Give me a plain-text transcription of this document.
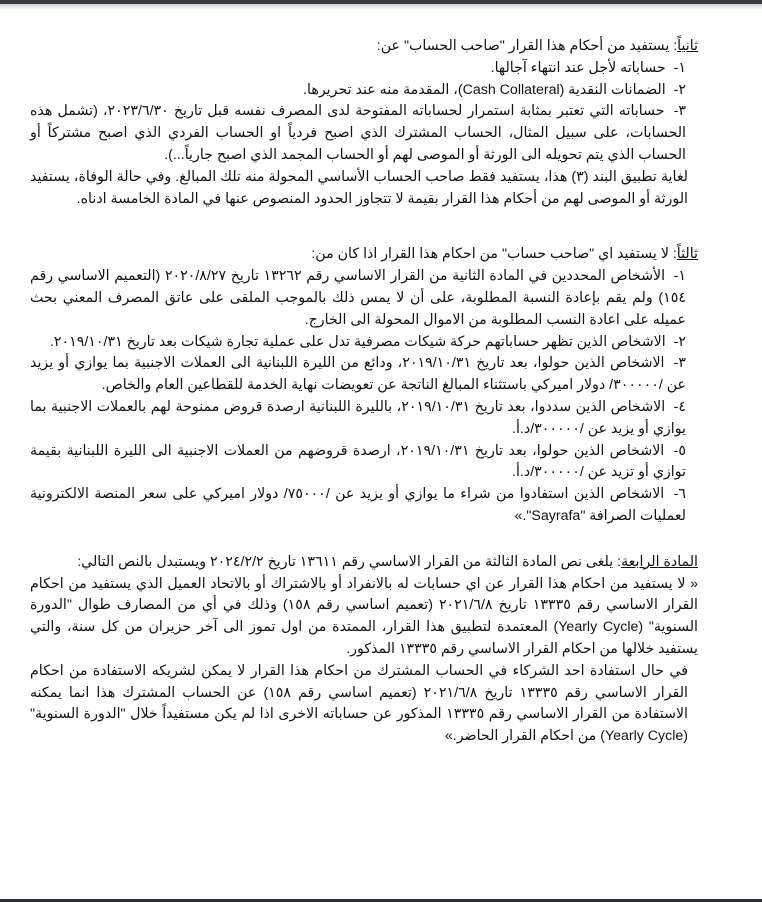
ثانياً: يستفيد من أحكام هذا القرار "صاحب الحساب" عن:

١- حساباته لأجل عند انتهاء آجالها.

٢- الضمانات النقدية (Cash Collateral)، المقدمة منه عند تحريرها.

٣- حساباته التي تعتبر بمثابة استمرار لحساباته المفتوحة لدى المصرف نفسه قبل تاريخ ٢٠٢٣/٦/٣٠، (تشمل هذه الحسابات، على سبيل المثال، الحساب المشترك الذي اصبح فردياً او الحساب الفردي الذي اصبح مشتركاً أو الحساب الذي يتم تحويله الى الورثة أو الموصى لهم أو الحساب المجمد الذي اصبح جارياً...).

لغاية تطبيق البند (٣) هذا، يستفيد فقط صاحب الحساب الأساسي المحولة منه تلك المبالغ. وفي حالة الوفاة، يستفيد الورثة أو الموصى لهم من أحكام هذا القرار بقيمة لا تتجاوز الحدود المنصوص عنها في المادة الخامسة ادناه.

ثالثاً: لا يستفيد اي "صاحب حساب" من احكام هذا القرار اذا كان من:

١- الأشخاص المحددين في المادة الثانية من القرار الاساسي رقم ١٣٢٦٢ تاريخ ٢٠٢٠/٨/٢٧ (التعميم الاساسي رقم ١٥٤) ولم يقم بإعادة النسبة المطلوبة، على أن لا يمس ذلك بالموجب الملقى على عاتق المصرف المعني بحث عميله على اعادة النسب المطلوبة من الاموال المحولة الى الخارج.

٢- الاشخاص الذين تظهر حساباتهم حركة شيكات مصرفية تدل على عملية تجارة شيكات بعد تاريخ ٢٠١٩/١٠/٣١.

٣- الاشخاص الذين حولوا، بعد تاريخ ٢٠١٩/١٠/٣١، ودائع من الليرة اللبنانية الى العملات الاجنبية بما يوازي أو يزيد عن /٣٠٠٠٠٠/ دولار اميركي باستثناء المبالغ الناتجة عن تعويضات نهاية الخدمة للقطاعين العام والخاص.

٤- الاشخاص الذين سددوا، بعد تاريخ ٢٠١٩/١٠/٣١، بالليرة اللبنانية ارصدة قروض ممنوحة لهم بالعملات الاجنبية بما يوازي أو يزيد عن /٣٠٠٠٠٠/د.أ.

٥- الاشخاص الذين حولوا، بعد تاريخ ٢٠١٩/١٠/٣١، ارصدة قروضهم من العملات الاجنبية الى الليرة اللبنانية بقيمة توازي أو تزيد عن /٣٠٠٠٠٠/د.أ.

٦- الاشخاص الذين استفادوا من شراء ما يوازي أو يزيد عن /٧٥٠٠٠/ دولار اميركي على سعر المنصة الالكترونية لعمليات الصرافة "Sayrafa".»

المادة الرابعة: يلغى نص المادة الثالثة من القرار الاساسي رقم ١٣٦١١ تاريخ ٢٠٢٤/٢/٢ ويستبدل بالنص التالي:

« لا يستفيد من احكام هذا القرار عن اي حسابات له بالانفراد أو بالاشتراك أو بالاتحاد العميل الذي يستفيد من احكام القرار الاساسي رقم ١٣٣٣٥ تاريخ ٢٠٢١/٦/٨ (تعميم اساسي رقم ١٥٨) وذلك في أي من المصارف طوال "الدورة السنوية" (Yearly Cycle) المعتمدة لتطبيق هذا القرار، الممتدة من اول تموز الى آخر حزيران من كل سنة، والتي يستفيد خلالها من احكام القرار الاساسي رقم ١٣٣٣٥ المذكور.

في حال استفادة احد الشركاء في الحساب المشترك من احكام هذا القرار لا يمكن لشريكه الاستفادة من احكام القرار الاساسي رقم ١٣٣٣٥ تاريخ ٢٠٢١/٦/٨ (تعميم اساسي رقم ١٥٨) عن الحساب المشترك هذا انما يمكنه الاستفادة من القرار الاساسي رقم ١٣٣٣٥ المذكور عن حساباته الاخرى اذا لم يكن مستفيداً خلال "الدورة السنوية" (Yearly Cycle) من احكام القرار الحاضر.»
